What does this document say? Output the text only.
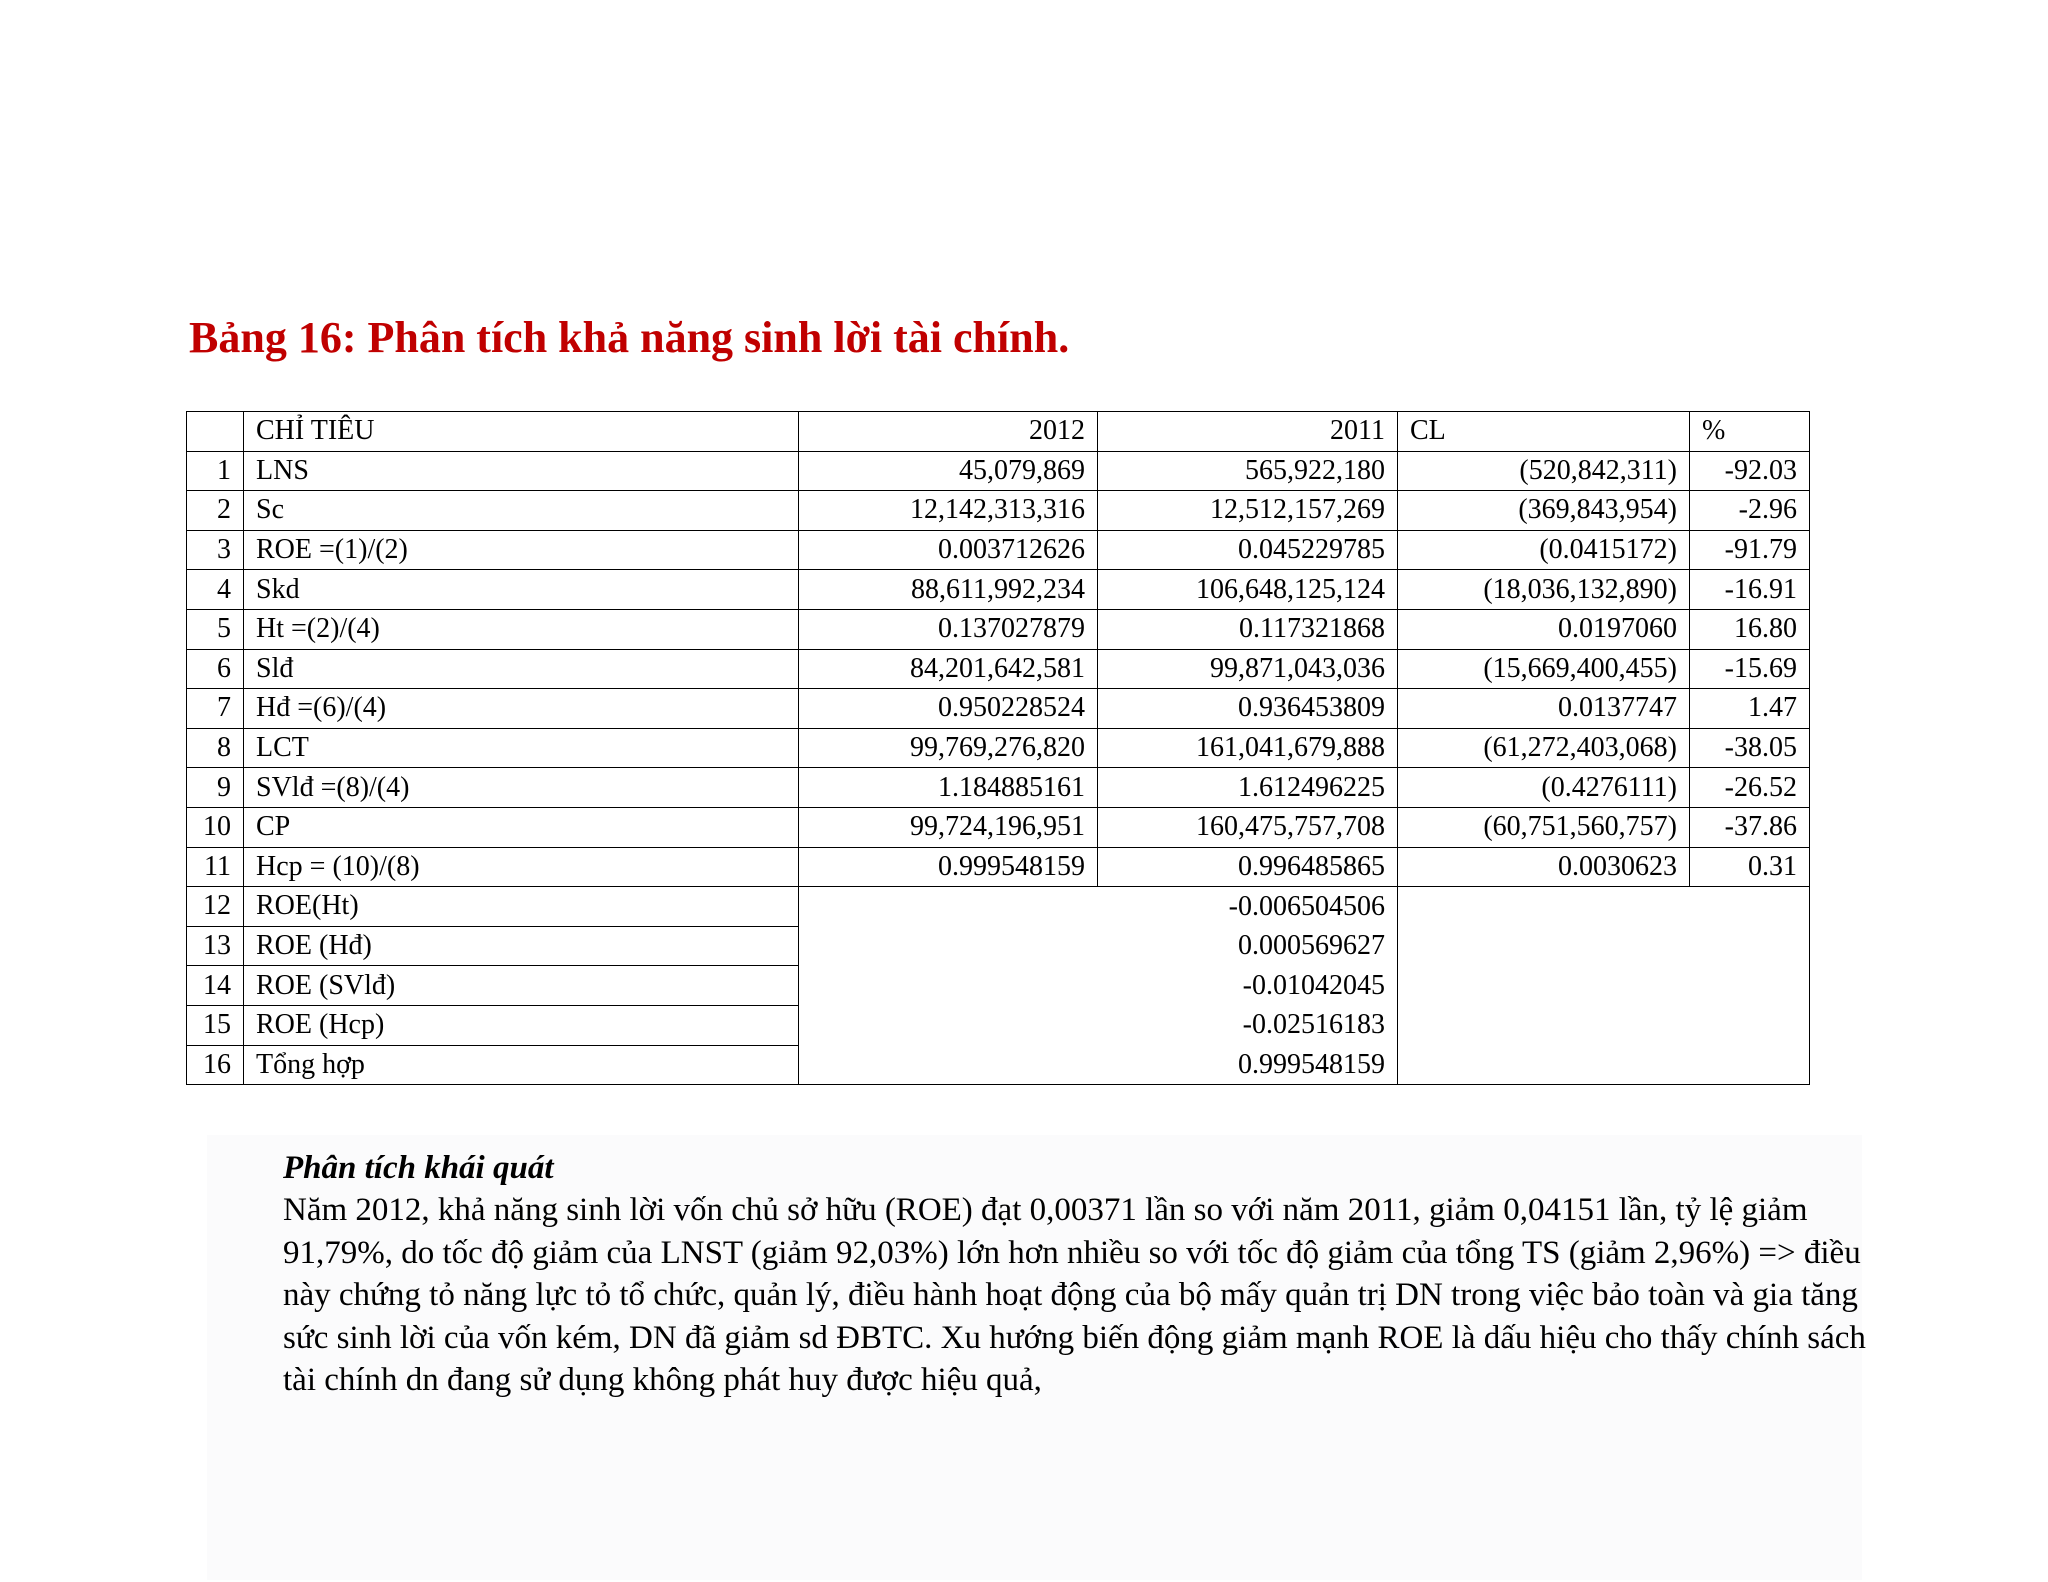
Bảng 16: Phân tích khả năng sinh lời tài chính.
	CHỈ TIÊU	2012	2011	CL	%
1	LNS	45,079,869	565,922,180	(520,842,311)	-92.03
2	Sc	12,142,313,316	12,512,157,269	(369,843,954)	-2.96
3	ROE =(1)/(2)	0.003712626	0.045229785	(0.0415172)	-91.79
4	Skd	88,611,992,234	106,648,125,124	(18,036,132,890)	-16.91
5	Ht =(2)/(4)	0.137027879	0.117321868	0.0197060	16.80
6	Slđ	84,201,642,581	99,871,043,036	(15,669,400,455)	-15.69
7	Hđ =(6)/(4)	0.950228524	0.936453809	0.0137747	1.47
8	LCT	99,769,276,820	161,041,679,888	(61,272,403,068)	-38.05
9	SVlđ =(8)/(4)	1.184885161	1.612496225	(0.4276111)	-26.52
10	CP	99,724,196,951	160,475,757,708	(60,751,560,757)	-37.86
11	Hcp = (10)/(8)	0.999548159	0.996485865	0.0030623	0.31
12	ROE(Ht)	-0.006504506			
13	ROE (Hđ)	0.000569627			
14	ROE (SVlđ)	-0.01042045			
15	ROE (Hcp)	-0.02516183			
16	Tổng hợp	0.999548159			
Phân tích khái quát

Năm 2012, khả năng sinh lời vốn chủ sở hữu (ROE) đạt 0,00371 lần so với năm 2011, giảm 0,04151 lần, tỷ lệ giảm 91,79%, do tốc độ giảm của LNST (giảm 92,03%) lớn hơn nhiều so với tốc độ giảm của tổng TS (giảm 2,96%) => điều này chứng tỏ năng lực tỏ tổ chức, quản lý, điều hành hoạt động của bộ mấy quản trị DN trong việc bảo toàn và gia tăng sức sinh lời của vốn kém, DN đã giảm sd ĐBTC. Xu hướng biến động giảm mạnh ROE là dấu hiệu cho thấy chính sách tài chính dn đang sử dụng không phát huy được hiệu quả,
